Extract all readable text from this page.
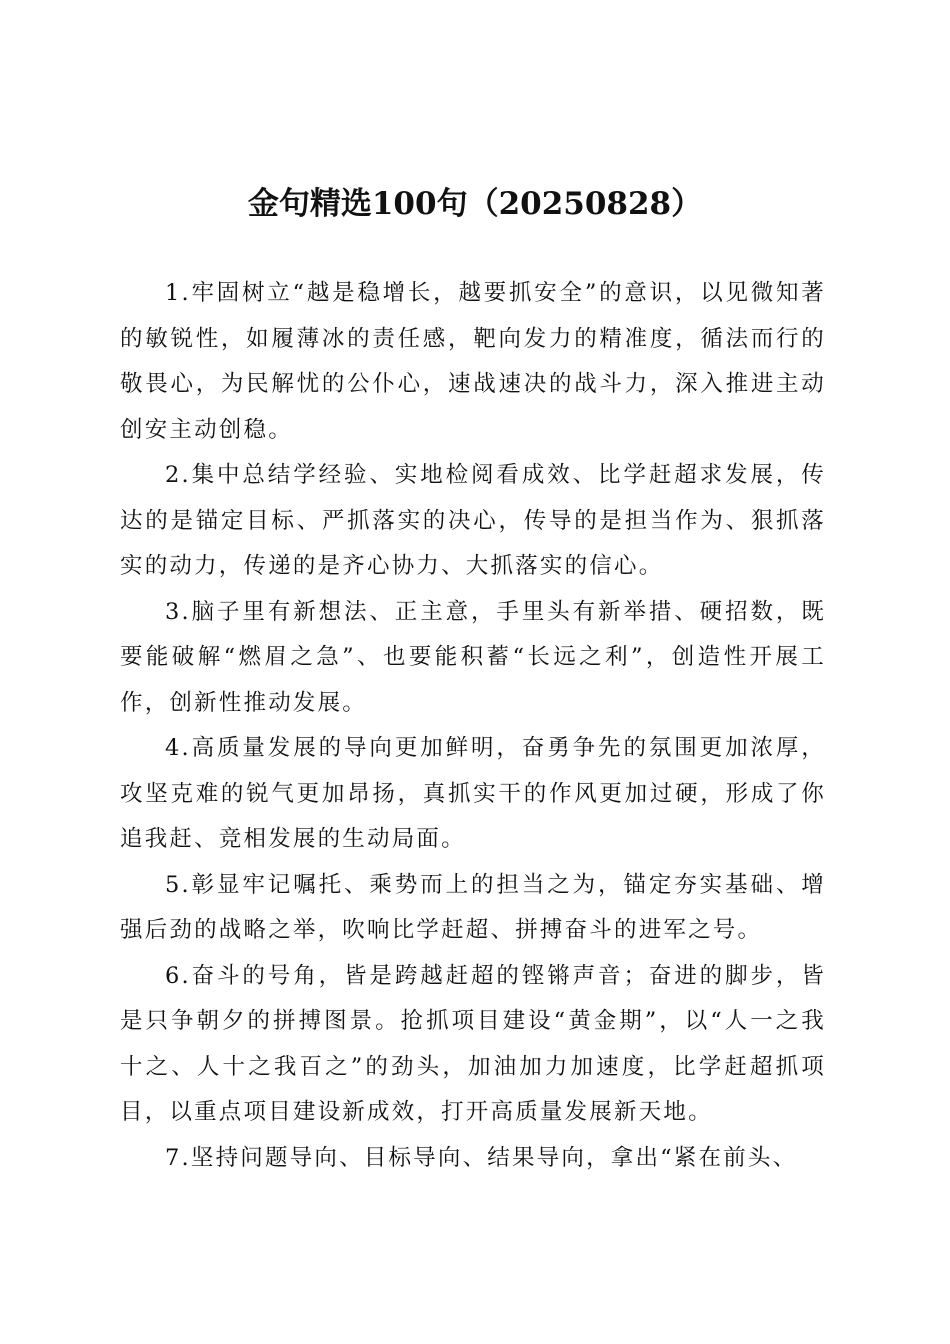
金句精选100句（20250828）

1.牢固树立“越是稳增长，越要抓安全”的意识，以见微知著的敏锐性，如履薄冰的责任感，靶向发力的精准度，循法而行的敬畏心，为民解忧的公仆心，速战速决的战斗力，深入推进主动创安主动创稳。

2.集中总结学经验、实地检阅看成效、比学赶超求发展，传达的是锚定目标、严抓落实的决心，传导的是担当作为、狠抓落实的动力，传递的是齐心协力、大抓落实的信心。

3.脑子里有新想法、正主意，手里头有新举措、硬招数，既要能破解“燃眉之急”、也要能积蓄“长远之利”，创造性开展工作，创新性推动发展。

4.高质量发展的导向更加鲜明，奋勇争先的氛围更加浓厚，攻坚克难的锐气更加昂扬，真抓实干的作风更加过硬，形成了你追我赶、竞相发展的生动局面。

5.彰显牢记嘱托、乘势而上的担当之为，锚定夯实基础、增强后劲的战略之举，吹响比学赶超、拼搏奋斗的进军之号。

6.奋斗的号角，皆是跨越赶超的铿锵声音；奋进的脚步，皆是只争朝夕的拼搏图景。抢抓项目建设“黄金期”，以“人一之我十之、人十之我百之”的劲头，加油加力加速度，比学赶超抓项目，以重点项目建设新成效，打开高质量发展新天地。

7.坚持问题导向、目标导向、结果导向，拿出“紧在前头、
